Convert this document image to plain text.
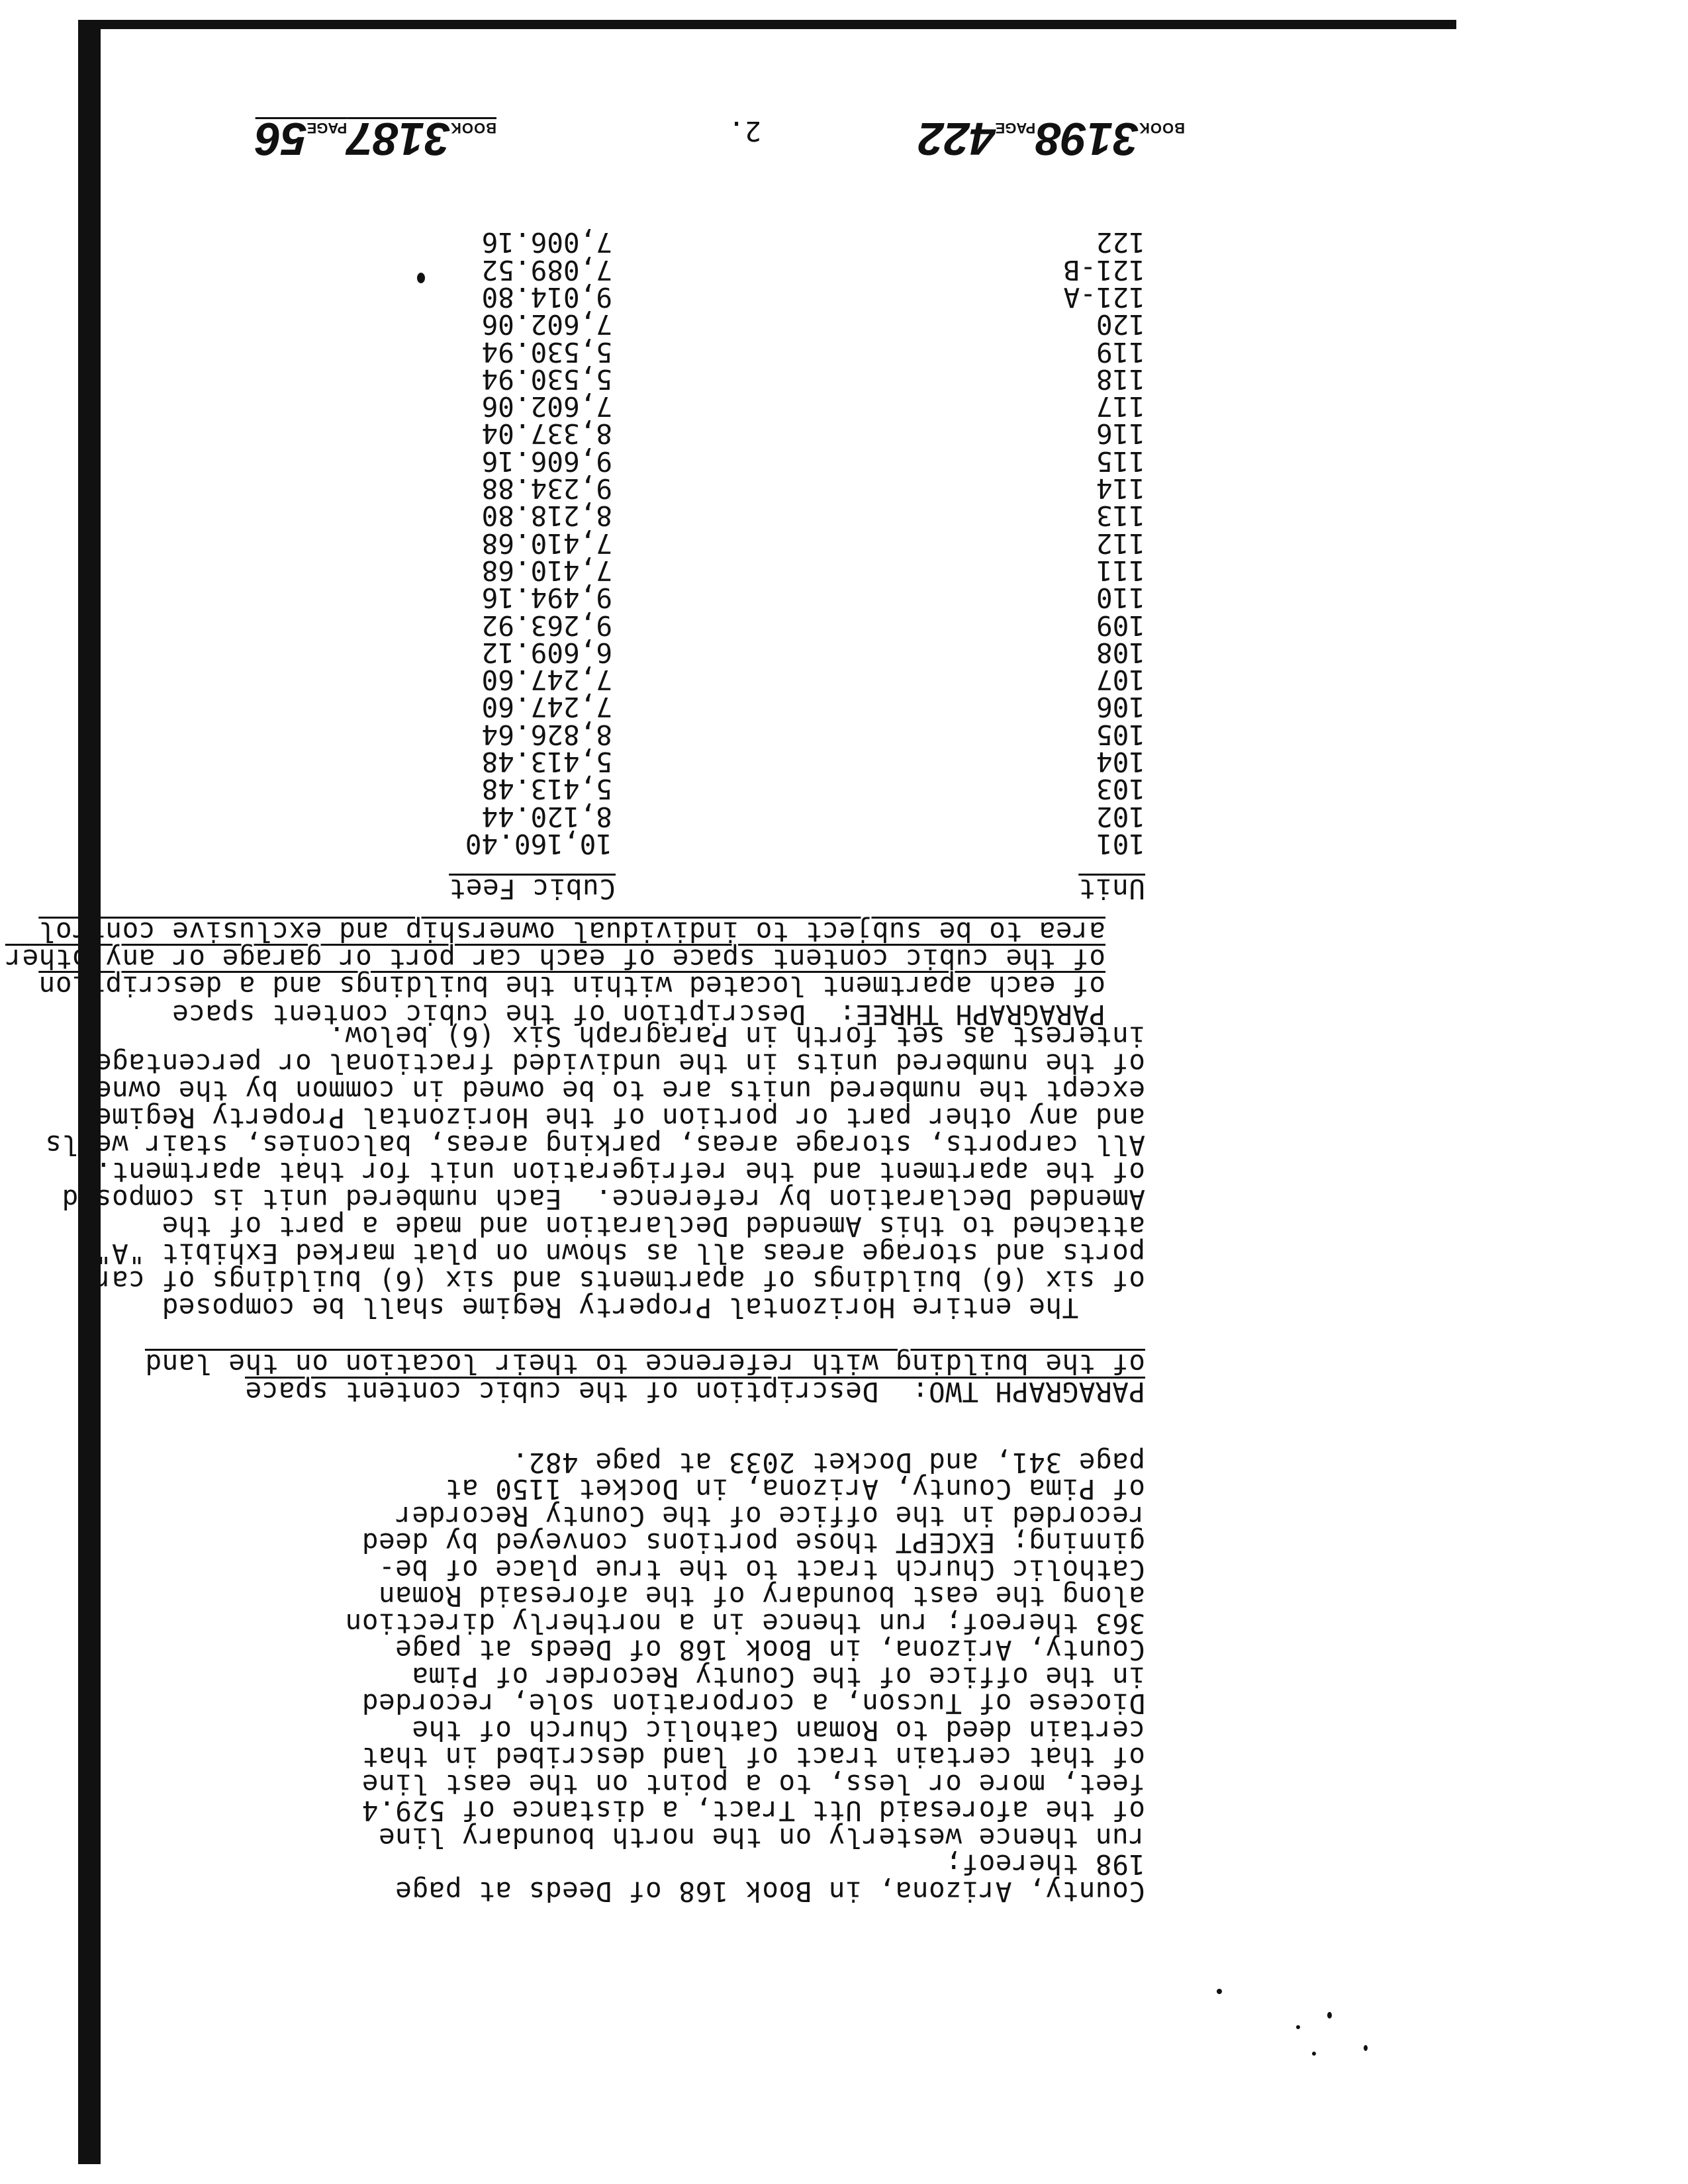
BOOK3198PAGE422
BOOK3187PAGE56	2.
Unit
Cubic Feet
101
10,160.40
102
8,120.44
103
5,413.48
104
5,413.48
105
8,826.64
106
7,247.60
107
7,247.60
108
6,609.12
109
9,263.92
110
9,494.16
111
7,410.68
112
7,410.68
113
8,218.80
114
9,234.88
115
9,606.16
116
8,337.04
117
7,602.06
118
5,530.94
119
5,530.94
120
7,602.06
121-A
9,014.80
121-B
7,089.52
122
7,006.16
PARAGRAPH THREE:  Description of the cubic content space
of each apartment located within the buildings and a description
of the cubic content space of each car port or garage or any other
area to be subject to individual ownership and exclusive control
PARAGRAPH TWO:  Description of the cubic content space
of the building with reference to their location on the land
The entire Horizontal Property Regime shall be composed
of six (6) buildings of apartments and six (6) buildings of car
ports and storage areas all as shown on plat marked Exhibit "A"
attached to this Amended Declaration and made a part of the
Amended Declaration by reference.  Each numbered unit is composed
of the apartment and the refrigeration unit for that apartment.
All carports, storage areas, parking areas, balconies, stair wells
and any other part or portion of the Horizontal Property Regime
except the numbered units are to be owned in common by the owner
of the numbered units in the undivided fractional or percentage
interest as set forth in Paragraph Six (6) below.
County, Arizona, in Book 168 of Deeds at page
198 thereof;
run thence westerly on the north boundary line
of the aforesaid Utt Tract, a distance of 529.4
feet, more or less, to a point on the east line
of that certain tract of land described in that
certain deed to Roman Catholic Church of the
Diocese of Tucson, a corporation sole, recorded
in the office of the County Recorder of Pima
County, Arizona, in Book 168 of Deeds at page
363 thereof; run thence in a northerly direction
along the east boundary of the aforesaid Roman
Catholic Church tract to the true place of be-
ginning; EXCEPT those portions conveyed by deed
recorded in the office of the County Recorder
of Pima County, Arizona, in Docket 1150 at
page 341, and Docket 2033 at page 482.
